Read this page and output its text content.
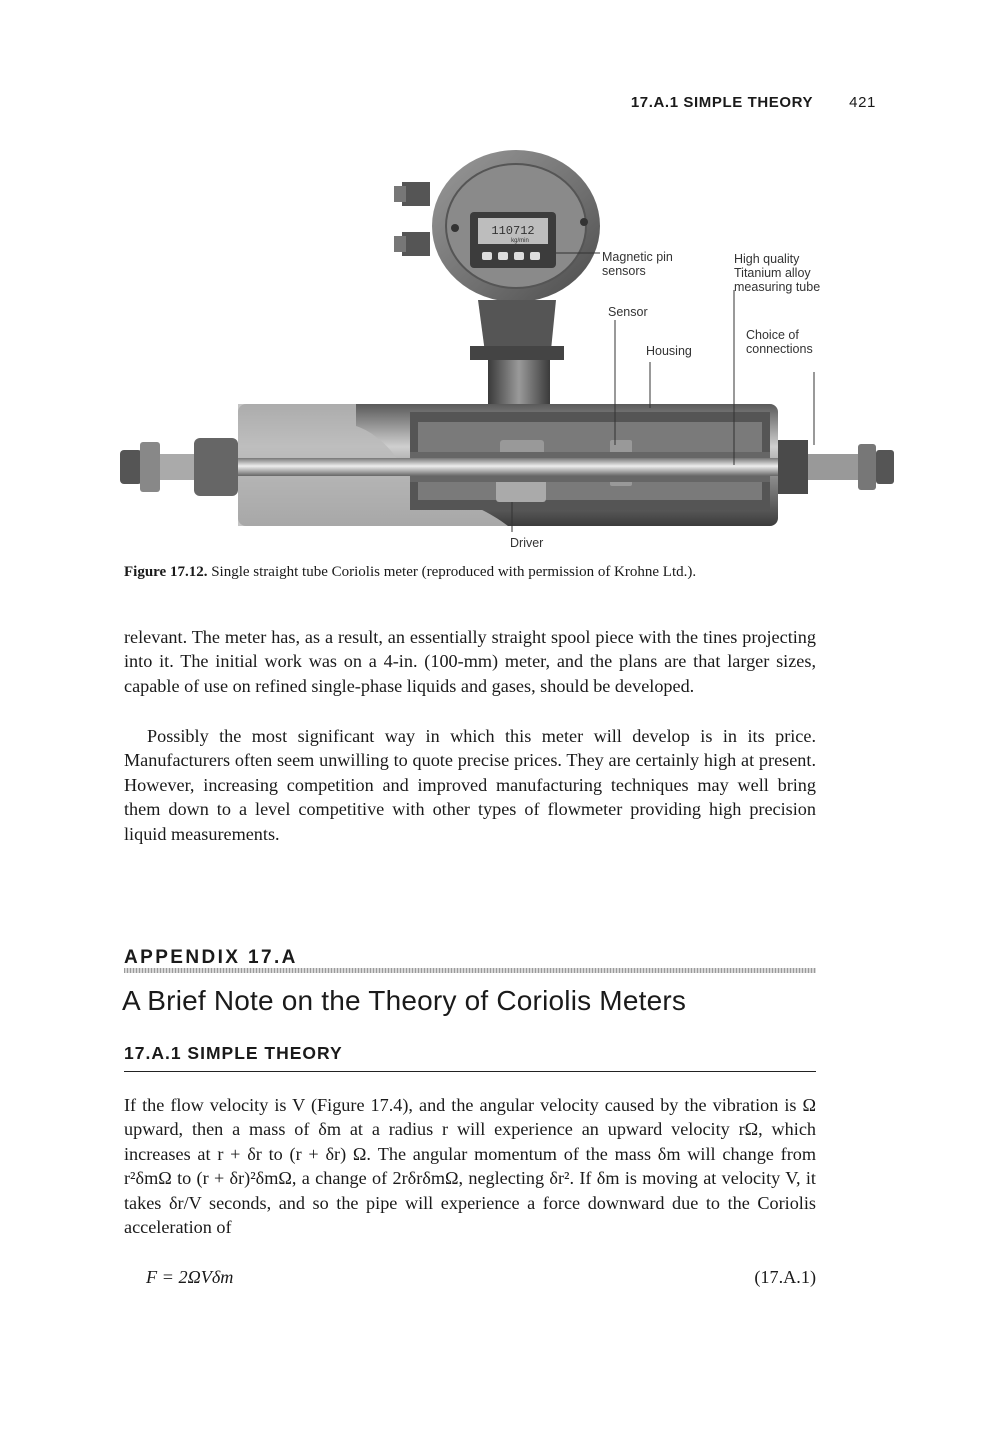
17.A.1 SIMPLE THEORY 421
110712
kg/min
Magnetic pin
sensors
High quality
Titanium alloy
measuring tube
Sensor
Housing
Choice of
connections
Driver
Figure 17.12. Single straight tube Coriolis meter (reproduced with permission of Krohne Ltd.).

relevant. The meter has, as a result, an essentially straight spool piece with the tines projecting into it. The initial work was on a 4-in. (100-mm) meter, and the plans are that larger sizes, capable of use on refined single-phase liquids and gases, should be developed.

Possibly the most significant way in which this meter will develop is in its price. Manufacturers often seem unwilling to quote precise prices. They are certainly high at present. However, increasing competition and improved manufacturing techniques may well bring them down to a level competitive with other types of flowmeter providing high precision liquid measurements.

APPENDIX 17.A
A Brief Note on the Theory of Coriolis Meters
17.A.1 SIMPLE THEORY

If the flow velocity is V (Figure 17.4), and the angular velocity caused by the vibration is Ω upward, then a mass of δm at a radius r will experience an upward velocity rΩ, which increases at r + δr to (r + δr) Ω. The angular momentum of the mass δm will change from r²δmΩ to (r + δr)²δmΩ, a change of 2rδrδmΩ, neglecting δr². If δm is moving at velocity V, it takes δr/V seconds, and so the pipe will experience a force downward due to the Coriolis acceleration of

F = 2ΩVδm	(17.A.1)
